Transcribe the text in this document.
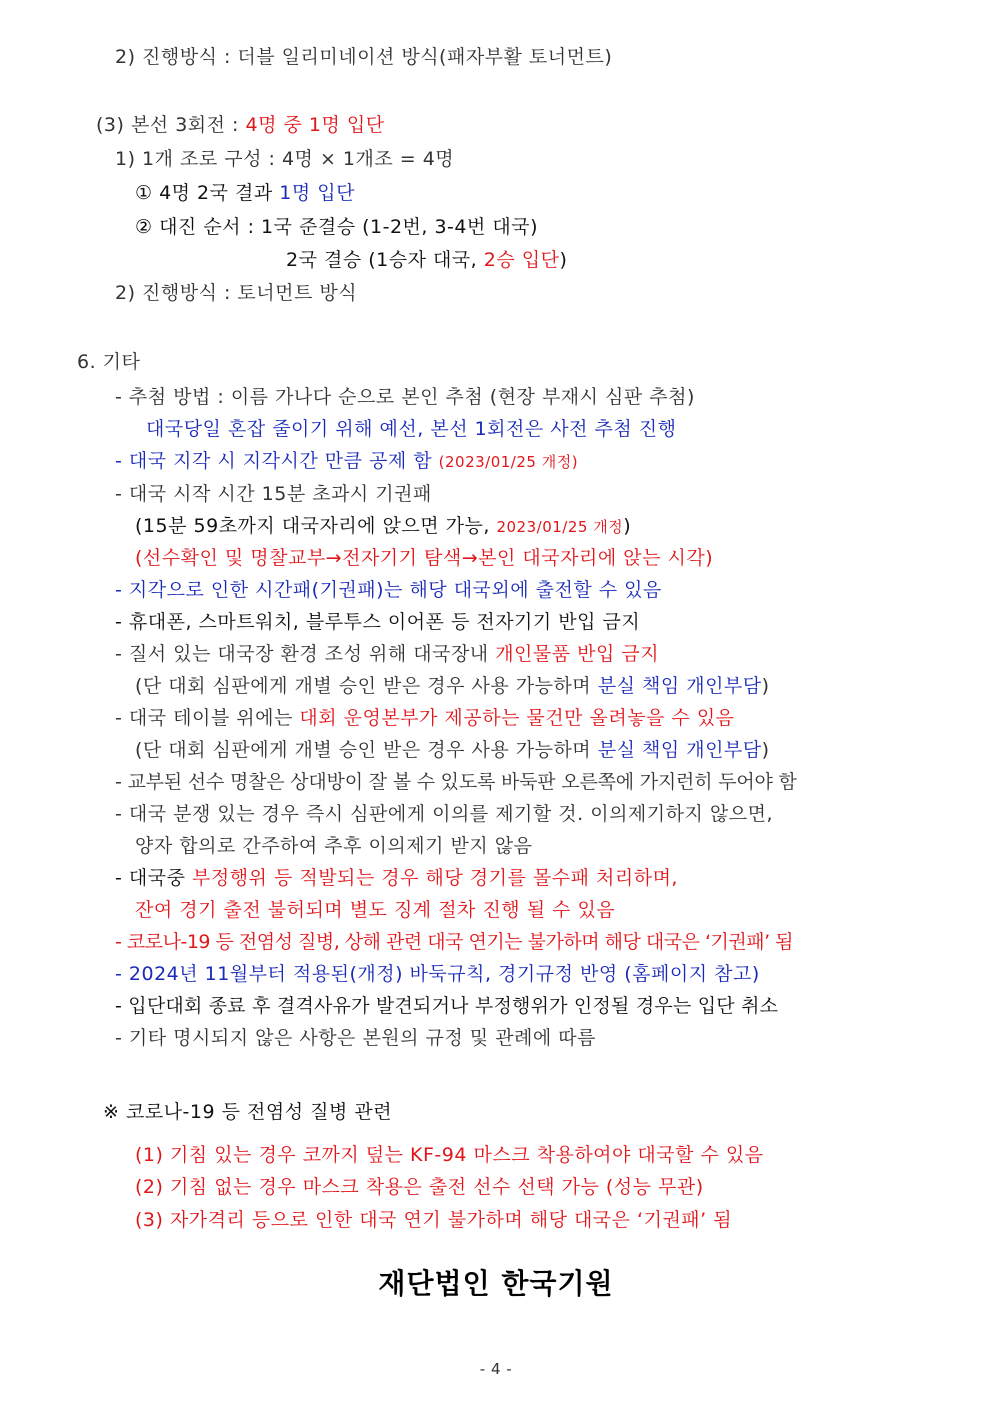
2) 진행방식 : 더블 일리미네이션 방식(패자부활 토너먼트)
(3) 본선 3회전 : 4명 중 1명 입단
1) 1개 조로 구성 : 4명 × 1개조 = 4명
① 4명 2국 결과 1명 입단
② 대진 순서 : 1국 준결승 (1-2번, 3-4번 대국)
2국 결승 (1승자 대국, 2승 입단)
2) 진행방식 : 토너먼트 방식
6. 기타
- 추첨 방법 : 이름 가나다 순으로 본인 추첨 (현장 부재시 심판 추첨)
대국당일 혼잡 줄이기 위해 예선, 본선 1회전은 사전 추첨 진행
- 대국 지각 시 지각시간 만큼 공제 함 (2023/01/25 개정)
- 대국 시작 시간 15분 초과시 기권패
(15분 59초까지 대국자리에 앉으면 가능, 2023/01/25 개정)
(선수확인 및 명찰교부→전자기기 탐색→본인 대국자리에 앉는 시각)
- 지각으로 인한 시간패(기권패)는 해당 대국외에 출전할 수 있음
- 휴대폰, 스마트워치, 블루투스 이어폰 등 전자기기 반입 금지
- 질서 있는 대국장 환경 조성 위해 대국장내 개인물품 반입 금지
(단 대회 심판에게 개별 승인 받은 경우 사용 가능하며 분실 책임 개인부담)
- 대국 테이블 위에는 대회 운영본부가 제공하는 물건만 올려놓을 수 있음
(단 대회 심판에게 개별 승인 받은 경우 사용 가능하며 분실 책임 개인부담)
- 교부된 선수 명찰은 상대방이 잘 볼 수 있도록 바둑판 오른쪽에 가지런히 두어야 함
- 대국 분쟁 있는 경우 즉시 심판에게 이의를 제기할 것. 이의제기하지 않으면,
양자 합의로 간주하여 추후 이의제기 받지 않음
- 대국중 부정행위 등 적발되는 경우 해당 경기를 몰수패 처리하며,
잔여 경기 출전 불허되며 별도 징계 절차 진행 될 수 있음
- 코로나-19 등 전염성 질병, 상해 관련 대국 연기는 불가하며 해당 대국은 ‘기권패’ 됨
- 2024년 11월부터 적용된(개정) 바둑규칙, 경기규정 반영 (홈페이지 참고)
- 입단대회 종료 후 결격사유가 발견되거나 부정행위가 인정될 경우는 입단 취소
- 기타 명시되지 않은 사항은 본원의 규정 및 관례에 따름
※ 코로나-19 등 전염성 질병 관련
(1) 기침 있는 경우 코까지 덮는 KF-94 마스크 착용하여야 대국할 수 있음
(2) 기침 없는 경우 마스크 착용은 출전 선수 선택 가능 (성능 무관)
(3) 자가격리 등으로 인한 대국 연기 불가하며 해당 대국은 ‘기권패’ 됨
재단법인 한국기원
- 4 -
